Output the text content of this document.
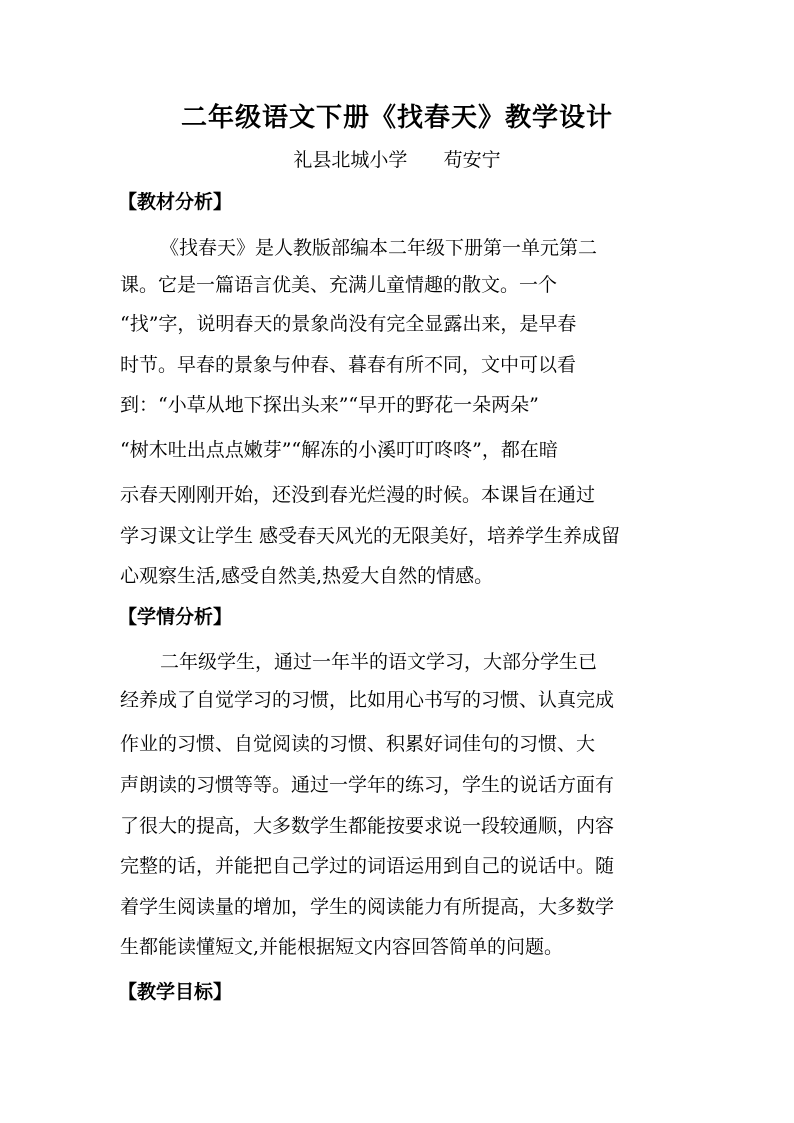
二年级语文下册《找春天》教学设计
礼县北城小学      苟安宁
【教材分析】
《找春天》是人教版部编本二年级下册第一单元第二
课。它是一篇语言优美、充满儿童情趣的散文。一个
“找”字，说明春天的景象尚没有完全显露出来，是早春
时节。早春的景象与仲春、暮春有所不同，文中可以看
到：“小草从地下探出头来”“早开的野花一朵两朵”
“树木吐出点点嫩芽”“解冻的小溪叮叮咚咚”，都在暗
示春天刚刚开始，还没到春光烂漫的时候。本课旨在通过
学习课文让学生 感受春天风光的无限美好，培养学生养成留
心观察生活,感受自然美,热爱大自然的情感。
【学情分析】
二年级学生，通过一年半的语文学习，大部分学生已
经养成了自觉学习的习惯，比如用心书写的习惯、认真完成
作业的习惯、自觉阅读的习惯、积累好词佳句的习惯、大
声朗读的习惯等等。通过一学年的练习，学生的说话方面有
了很大的提高，大多数学生都能按要求说一段较通顺，内容
完整的话，并能把自己学过的词语运用到自己的说话中。随
着学生阅读量的增加，学生的阅读能力有所提高，大多数学
生都能读懂短文,并能根据短文内容回答简单的问题。
【教学目标】
